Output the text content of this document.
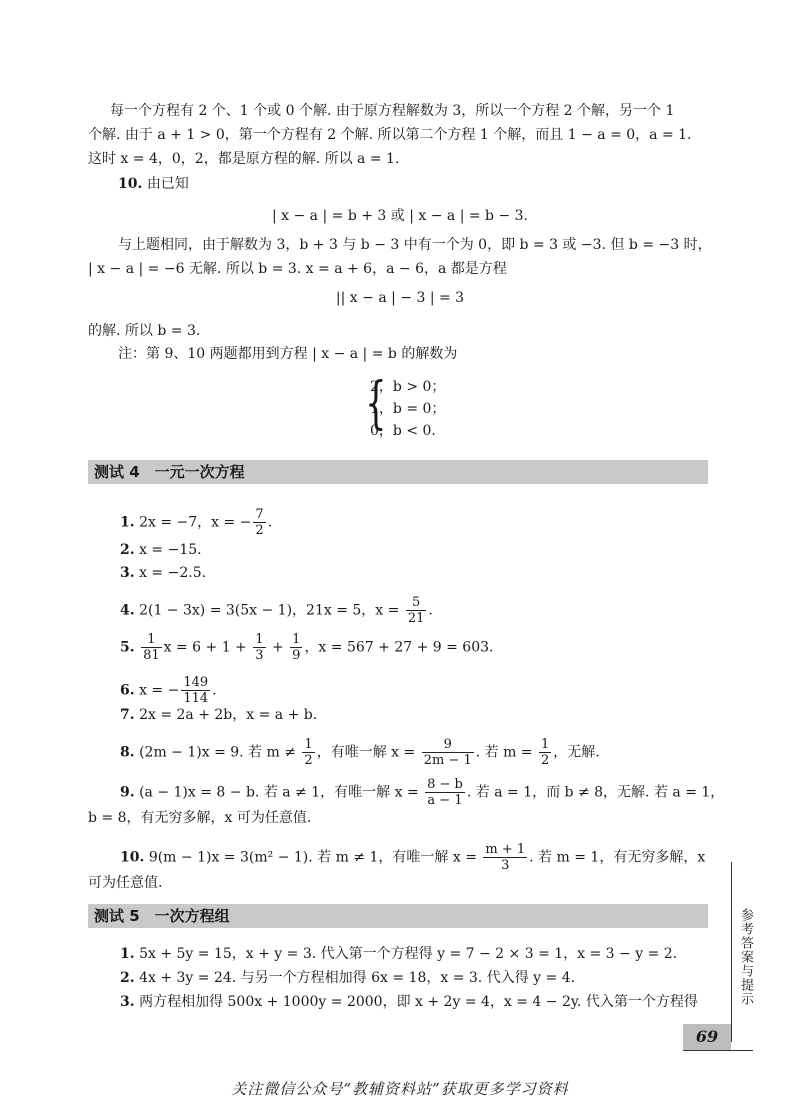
每一个方程有 2 个、1 个或 0 个解. 由于原方程解数为 3，所以一个方程 2 个解，另一个 1
个解. 由于 a + 1 > 0，第一个方程有 2 个解. 所以第二个方程 1 个解，而且 1 − a = 0，a = 1.
这时 x = 4，0，2，都是原方程的解. 所以 a = 1.
10. 由已知
| x − a | = b + 3 或 | x − a | = b − 3.
与上题相同，由于解数为 3，b + 3 与 b − 3 中有一个为 0，即 b = 3 或 −3. 但 b = −3 时，
| x − a | = −6 无解. 所以 b = 3. x = a + 6，a − 6，a 都是方程
|| x − a | − 3 | = 3
的解. 所以 b = 3.
注：第 9、10 两题都用到方程 | x − a | = b 的解数为
{
2，b > 0；
1，b = 0；
0，b < 0.
测试 4　一元一次方程
1. 2x = −7，x = − $\frac{7}{2}$ .
2. x = −15.
3. x = −2.5.
4. 2(1 − 3x) = 3(5x − 1)，21x = 5，$x = \frac{5}{21}$ .
5. $\frac{1}{81}$ $x = 6 + 1 + \frac{1}{3} + \frac{1}{9}$ ，x = 567 + 27 + 9 = 603.
6. x = − $\frac{149}{114}$ .
7. 2x = 2a + 2b，x = a + b.
8. (2m − 1)x = 9. 若 $m \ne \frac{1}{2}$ ，有唯一解 $x = \frac{9}{2m - 1}$ . 若 $m = \frac{1}{2}$ ，无解.
9. (a − 1)x = 8 − b. 若 a ≠ 1，有唯一解 $x = \frac{8 - b}{a - 1}$ . 若 a = 1，而 b ≠ 8，无解. 若 a = 1，
b = 8，有无穷多解，x 可为任意值.
10. 9(m − 1)x = 3(m² − 1). 若 m ≠ 1，有唯一解 $x = \frac{m + 1}{3}$ . 若 m = 1，有无穷多解，x
可为任意值.
测试 5　一次方程组
1. 5x + 5y = 15，x + y = 3. 代入第一个方程得 y = 7 − 2 × 3 = 1，x = 3 − y = 2.
2. 4x + 3y = 24. 与另一个方程相加得 6x = 18，x = 3. 代入得 y = 4.
3. 两方程相加得 500x + 1000y = 2000，即 x + 2y = 4，x = 4 − 2y. 代入第一个方程得	参考答案与提示
69
关注微信公众号“教辅资料站”获取更多学习资料
